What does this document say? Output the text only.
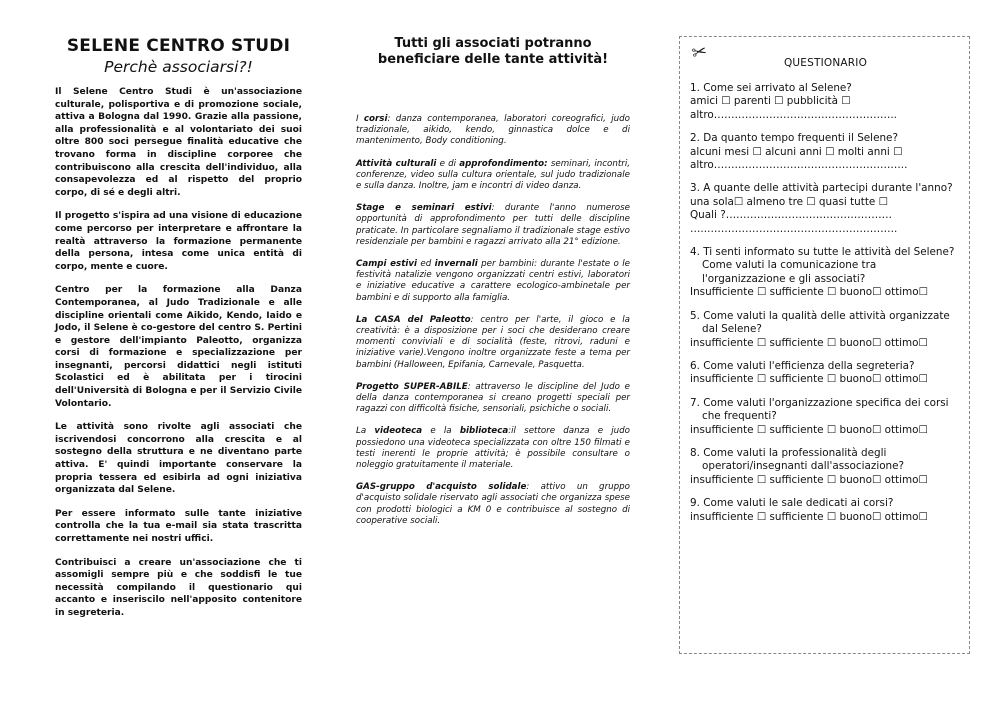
SELENE CENTRO STUDI
Perchè associarsi?!

Il Selene Centro Studi è un'associazione culturale, polisportiva e di promozione sociale, attiva a Bologna dal 1990. Grazie alla passione, alla professionalità e al volontariato dei suoi oltre 800 soci persegue finalità educative che trovano forma in discipline corporee che contribuiscono alla crescita dell'individuo, alla consapevolezza ed al rispetto del proprio corpo, di sé e degli altri.

Il progetto s'ispira ad una visione di educazione come percorso per interpretare e affrontare la realtà attraverso la formazione permanente della persona, intesa come unica entità di corpo, mente e cuore.

Centro per la formazione alla Danza Contemporanea, al Judo Tradizionale e alle discipline orientali come Aikido, Kendo, Iaido e Jodo, il Selene è co-gestore del centro S. Pertini e gestore dell'impianto Paleotto, organizza corsi di formazione e specializzazione per insegnanti, percorsi didattici negli istituti Scolastici ed è abilitata per i tirocini dell'Università di Bologna e per il Servizio Civile Volontario.

Le attività sono rivolte agli associati che iscrivendosi concorrono alla crescita e al sostegno della struttura e ne diventano parte attiva. E' quindi importante conservare la propria tessera ed esibirla ad ogni iniziativa organizzata dal Selene.

Per essere informato sulle tante iniziative controlla che la tua e-mail sia stata trascritta correttamente nei nostri uffici.

Contribuisci a creare un'associazione che ti assomigli sempre più e che soddisfi le tue necessità compilando il questionario qui accanto e inseriscilo nell'apposito contenitore in segreteria.

Tutti gli associati potranno beneficiare delle tante attività!
I corsi: danza contemporanea, laboratori coreografici, judo tradizionale, aikido, kendo, ginnastica dolce e di mantenimento, Body conditioning.
Attività culturali e di approfondimento: seminari, incontri, conferenze, video sulla cultura orientale, sul judo tradizionale e sulla danza. Inoltre, jam e incontri di video danza.
Stage e seminari estivi: durante l'anno numerose opportunità di approfondimento per tutti delle discipline praticate. In particolare segnaliamo il tradizionale stage estivo residenziale per bambini e ragazzi arrivato alla 21° edizione.
Campi estivi ed invernali per bambini: durante l'estate o le festività natalizie vengono organizzati centri estivi, laboratori e iniziative educative a carattere ecologico-ambinetale per bambini e di supporto alla famiglia.
La CASA del Paleotto: centro per l'arte, il gioco e la creatività: è a disposizione per i soci che desiderano creare momenti conviviali e di socialità (feste, ritrovi, raduni e iniziative varie).Vengono inoltre organizzate feste a tema per bambini (Halloween, Epifania, Carnevale, Pasquetta.
Progetto SUPER-ABILE: attraverso le discipline del Judo e della danza contemporanea si creano progetti speciali per ragazzi con difficoltà fisiche, sensoriali, psichiche o sociali.
La videoteca e la biblioteca:il settore danza e judo possiedono una videoteca specializzata con oltre 150 filmati e testi inerenti le proprie attività; è possibile consultare o noleggio gratuitamente il materiale.
GAS-gruppo d'acquisto solidale: attivo un gruppo d'acquisto solidale riservato agli associati che organizza spese con prodotti biologici a KM 0 e contribuisce al sostegno di cooperative sociali.
✂	QUESTIONARIO
1. Come sei arrivato al Selene?
amici ☐ parenti ☐ pubblicità ☐
altro……………………………………………..
2. Da quanto tempo frequenti il Selene?
alcuni mesi ☐ alcuni anni ☐ molti anni ☐
altro………………………………………………..
3. A quante delle attività partecipi durante l'anno?
una sola☐ almeno tre ☐ quasi tutte ☐
Quali ?…………………………………………
…..……………………………………………….
4. Ti senti informato su tutte le attività del Selene? Come valuti la comunicazione tra l'organizzazione e gli associati?
Insufficiente ☐ sufficiente ☐ buono☐ ottimo☐
5. Come valuti la qualità delle attività organizzate dal Selene?
insufficiente ☐ sufficiente ☐ buono☐ ottimo☐
6. Come valuti l'efficienza della segreteria?
insufficiente ☐ sufficiente ☐ buono☐ ottimo☐
7. Come valuti l'organizzazione specifica dei corsi che frequenti?
insufficiente ☐ sufficiente ☐ buono☐ ottimo☐
8. Come valuti la professionalità degli operatori/insegnanti dall'associazione?
insufficiente ☐ sufficiente ☐ buono☐ ottimo☐
9. Come valuti le sale dedicati ai corsi?
insufficiente ☐ sufficiente ☐ buono☐ ottimo☐
